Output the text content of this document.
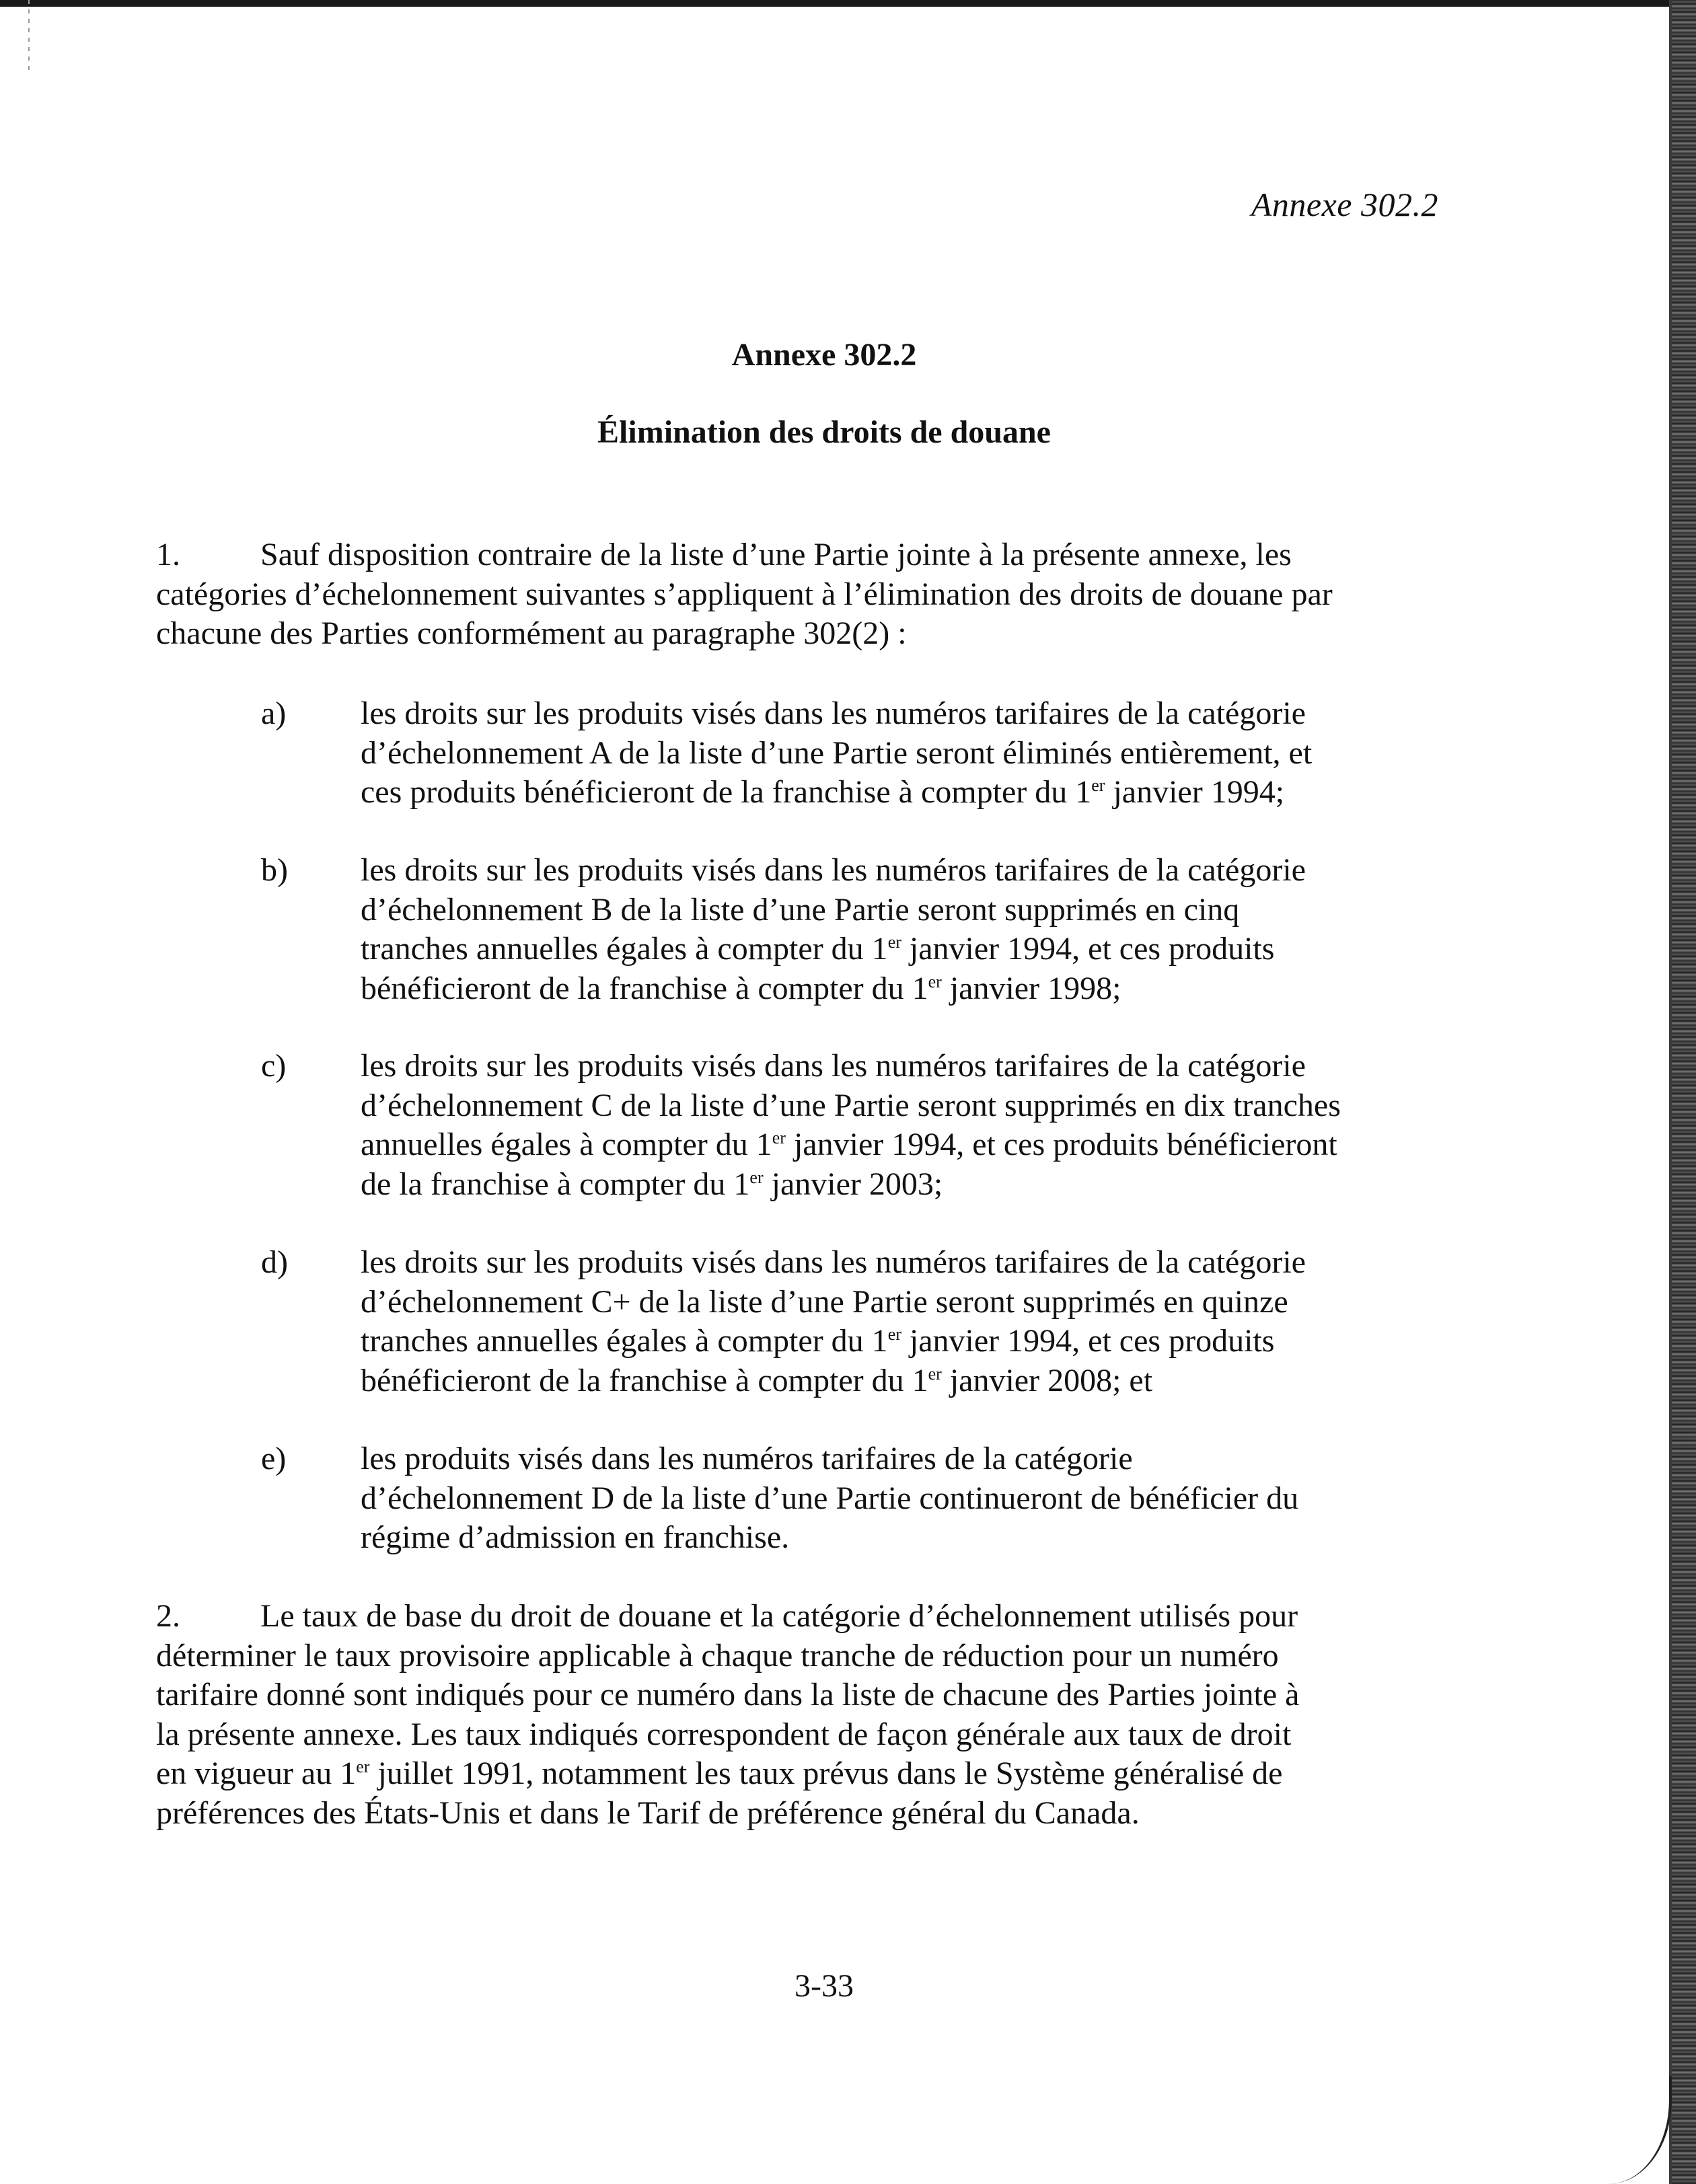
Annexe 302.2
Annexe 302.2
Élimination des droits de douane
1. Sauf disposition contraire de la liste d’une Partie jointe à la présente annexe, les
catégories d’échelonnement suivantes s’appliquent à l’élimination des droits de douane par
chacune des Parties conformément au paragraphe 302(2) :
a) les droits sur les produits visés dans les numéros tarifaires de la catégorie
d’échelonnement A de la liste d’une Partie seront éliminés entièrement, et
ces produits bénéficieront de la franchise à compter du 1er janvier 1994;
b) les droits sur les produits visés dans les numéros tarifaires de la catégorie
d’échelonnement B de la liste d’une Partie seront supprimés en cinq
tranches annuelles égales à compter du 1er janvier 1994, et ces produits
bénéficieront de la franchise à compter du 1er janvier 1998;
c) les droits sur les produits visés dans les numéros tarifaires de la catégorie
d’échelonnement C de la liste d’une Partie seront supprimés en dix tranches
annuelles égales à compter du 1er janvier 1994, et ces produits bénéficieront
de la franchise à compter du 1er janvier 2003;
d) les droits sur les produits visés dans les numéros tarifaires de la catégorie
d’échelonnement C+ de la liste d’une Partie seront supprimés en quinze
tranches annuelles égales à compter du 1er janvier 1994, et ces produits
bénéficieront de la franchise à compter du 1er janvier 2008; et
e) les produits visés dans les numéros tarifaires de la catégorie
d’échelonnement D de la liste d’une Partie continueront de bénéficier du
régime d’admission en franchise.
2. Le taux de base du droit de douane et la catégorie d’échelonnement utilisés pour
déterminer le taux provisoire applicable à chaque tranche de réduction pour un numéro
tarifaire donné sont indiqués pour ce numéro dans la liste de chacune des Parties jointe à
la présente annexe. Les taux indiqués correspondent de façon générale aux taux de droit
en vigueur au 1er juillet 1991, notamment les taux prévus dans le Système généralisé de
préférences des États-Unis et dans le Tarif de préférence général du Canada.
3-33
